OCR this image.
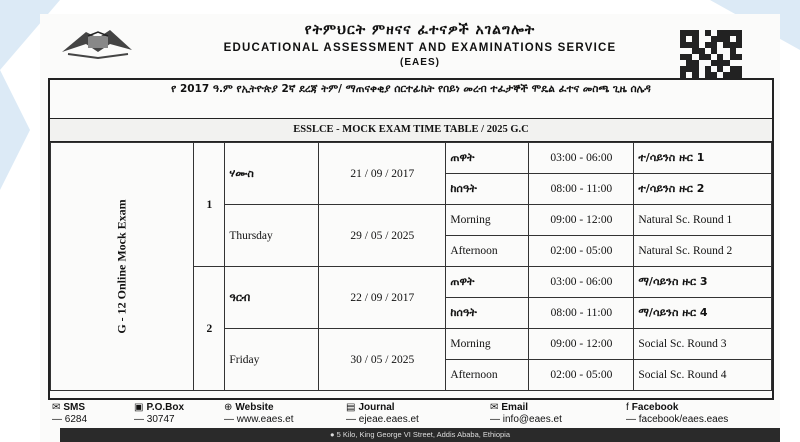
የትምህርት ምዘናና ፈተናዎች አገልግሎት
EDUCATIONAL ASSESSMENT AND EXAMINATIONS SERVICE
(EAES)
የ 2017 ዓ.ም የኢትዮጵያ 2ኛ ደረጃ ትም/ ማጠናቀቂያ ሰርተፊኬት የበይነ መረብ ተፈታኞች ሞዴል ፈተና መስጫ ጊዜ ሰሌዳ
ESSLCE - MOCK EXAM TIME TABLE / 2025 G.C
G - 12 Online Mock Exam	1	ሃሙስ	21 / 09 / 2017	ጠዋት	03:00 - 06:00	ተ/ሳይንስ ዙር 1
				ከሰዓት	08:00 - 11:00	ተ/ሳይንስ ዙር 2
		Thursday	29 / 05 / 2025	Morning	09:00 - 12:00	Natural Sc. Round 1
				Afternoon	02:00 - 05:00	Natural Sc. Round 2
	2	ዓርብ	22 / 09 / 2017	ጠዋት	03:00 - 06:00	ማ/ሳይንስ ዙር 3
				ከሰዓት	08:00 - 11:00	ማ/ሳይንስ ዙር 4
		Friday	30 / 05 / 2025	Morning	09:00 - 12:00	Social Sc. Round 3
				Afternoon	02:00 - 05:00	Social Sc. Round 4
✉ SMS
— 6284
▣ P.O.Box
— 30747
⊕ Website
— www.eaes.et
▤ Journal
— ejeae.eaes.et
✉ Email
— info@eaes.et
f Facebook
— facebook/eaes.eaes
● 5 Kilo, King George VI Street, Addis Ababa, Ethiopia
